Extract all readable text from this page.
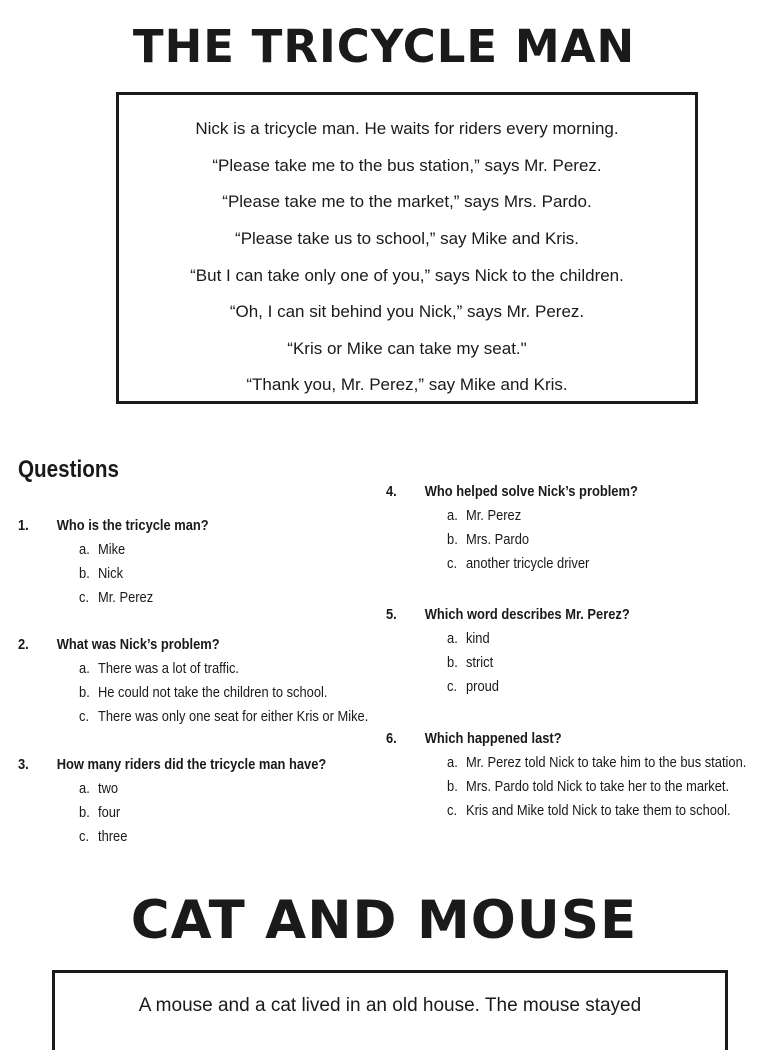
THE TRICYCLE MAN

Nick is a tricycle man. He waits for riders every morning.

“Please take me to the bus station,” says Mr. Perez.

“Please take me to the market,” says Mrs. Pardo.

“Please take us to school,” say Mike and Kris.

“But I can take only one of you,” says Nick to the children.

“Oh, I can sit behind you Nick,” says Mr. Perez.

“Kris or Mike can take my seat."

“Thank you, Mr. Perez,” say Mike and Kris.

Questions
1. Who is the tricycle man?
a. Mike
b. Nick
c. Mr. Perez
2. What was Nick’s problem?
a. There was a lot of traffic.
b. He could not take the children to school.
c. There was only one seat for either Kris or Mike.
3. How many riders did the tricycle man have?
a. two
b. four
c. three
4. Who helped solve Nick’s problem?
a. Mr. Perez
b. Mrs. Pardo
c. another tricycle driver
5. Which word describes Mr. Perez?
a. kind
b. strict
c. proud
6. Which happened last?
a. Mr. Perez told Nick to take him to the bus station.
b. Mrs. Pardo told Nick to take her to the market.
c. Kris and Mike told Nick to take them to school.
CAT AND MOUSE

A mouse and a cat lived in an old house. The mouse stayed
